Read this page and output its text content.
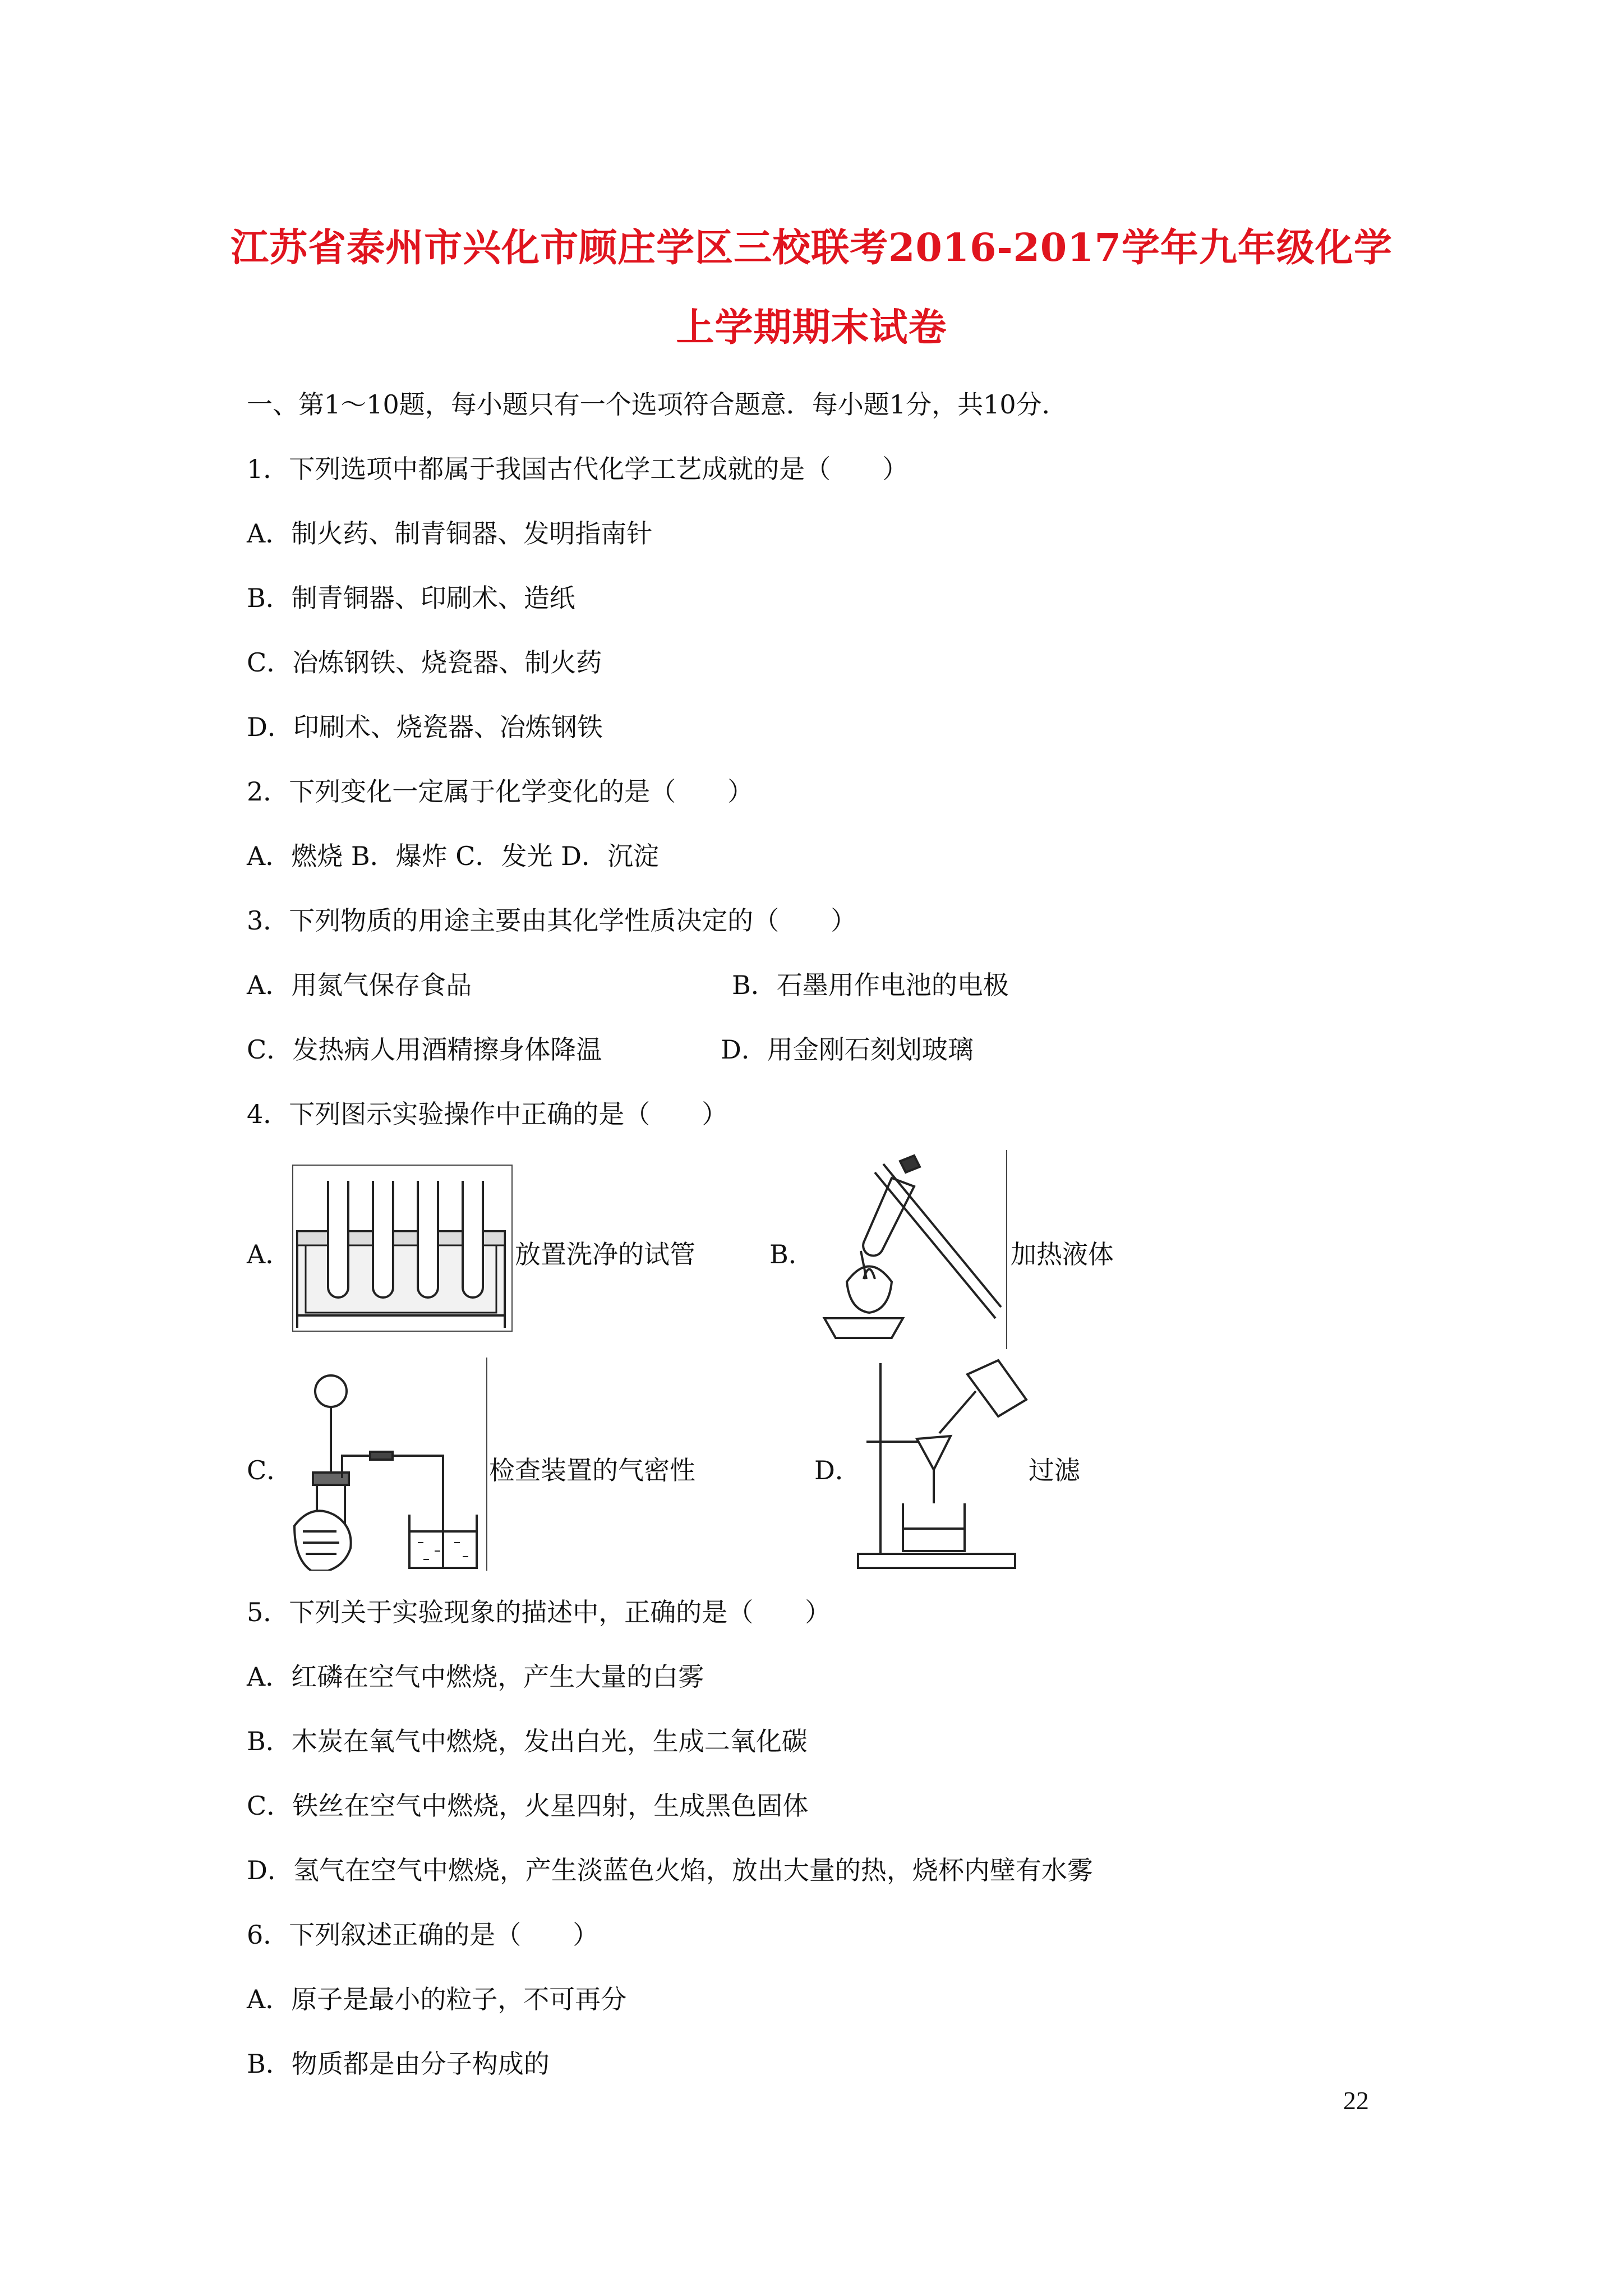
江苏省泰州市兴化市顾庄学区三校联考2016-2017学年九年级化学
上学期期末试卷
一、第1～10题，每小题只有一个选项符合题意．每小题1分，共10分．
1．下列选项中都属于我国古代化学工艺成就的是（　　）
A．制火药、制青铜器、发明指南针
B．制青铜器、印刷术、造纸
C．冶炼钢铁、烧瓷器、制火药
D．印刷术、烧瓷器、冶炼钢铁
2．下列变化一定属于化学变化的是（　　）
A．燃烧 B．爆炸 C．发光 D．沉淀
3．下列物质的用途主要由其化学性质决定的（　　）
A．用氮气保存食品	B．石墨用作电池的电极
C．发热病人用酒精擦身体降温	D．用金刚石刻划玻璃
4．下列图示实验操作中正确的是（　　）
A．	放置洗净的试管	B．	加热液体
C．	检查装置的气密性	D．	过滤
5．下列关于实验现象的描述中，正确的是（　　）
A．红磷在空气中燃烧，产生大量的白雾
B．木炭在氧气中燃烧，发出白光，生成二氧化碳
C．铁丝在空气中燃烧，火星四射，生成黑色固体
D．氢气在空气中燃烧，产生淡蓝色火焰，放出大量的热，烧杯内壁有水雾
6．下列叙述正确的是（　　）
A．原子是最小的粒子，不可再分
B．物质都是由分子构成的
22
